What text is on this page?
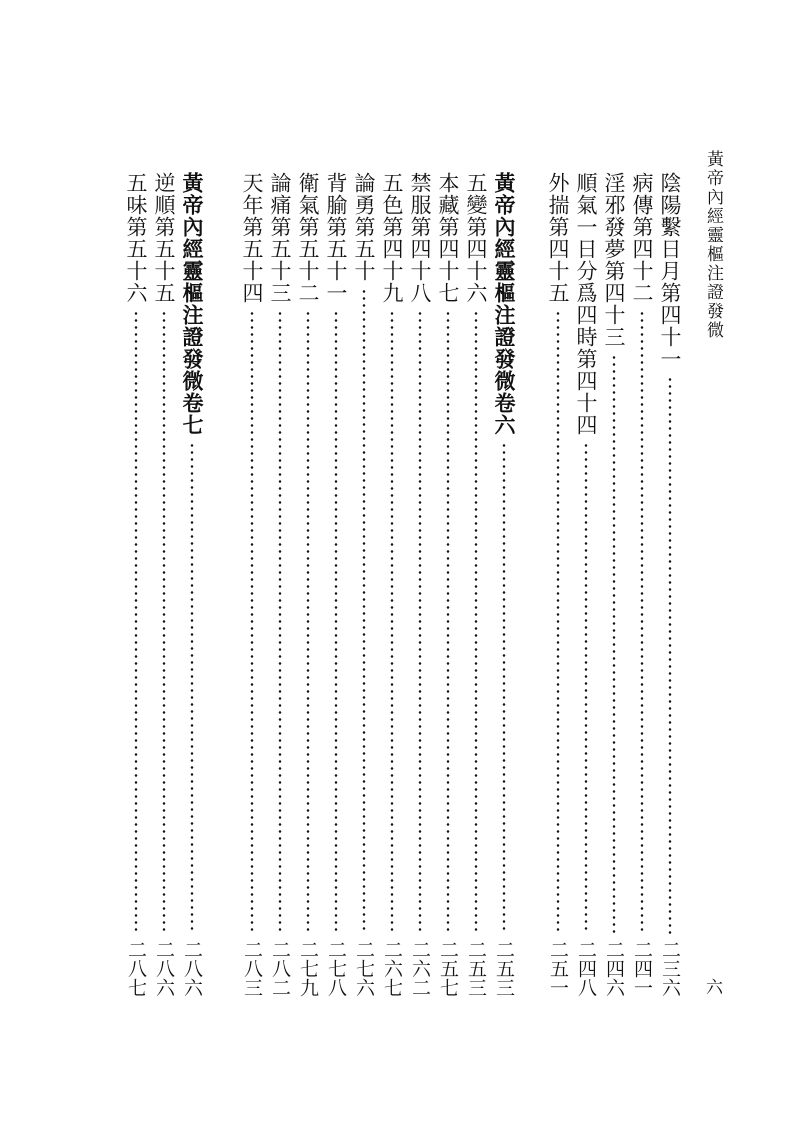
黃帝內經靈樞注證發微
六
陰陽繫日月第四十一
二三六
病傳第四十二
二四一
淫邪發夢第四十三
二四六
順氣一日分爲四時第四十四
二四八
外揣第四十五
二五一
黃帝內經靈樞注證發微卷六
二五三
五變第四十六
二五三
本藏第四十七
二五七
禁服第四十八
二六二
五色第四十九
二六七
論勇第五十
二七六
背腧第五十一
二七八
衛氣第五十二
二七九
論痛第五十三
二八二
天年第五十四
二八三
黃帝內經靈樞注證發微卷七
二八六
逆順第五十五
二八六
五味第五十六
二八七
